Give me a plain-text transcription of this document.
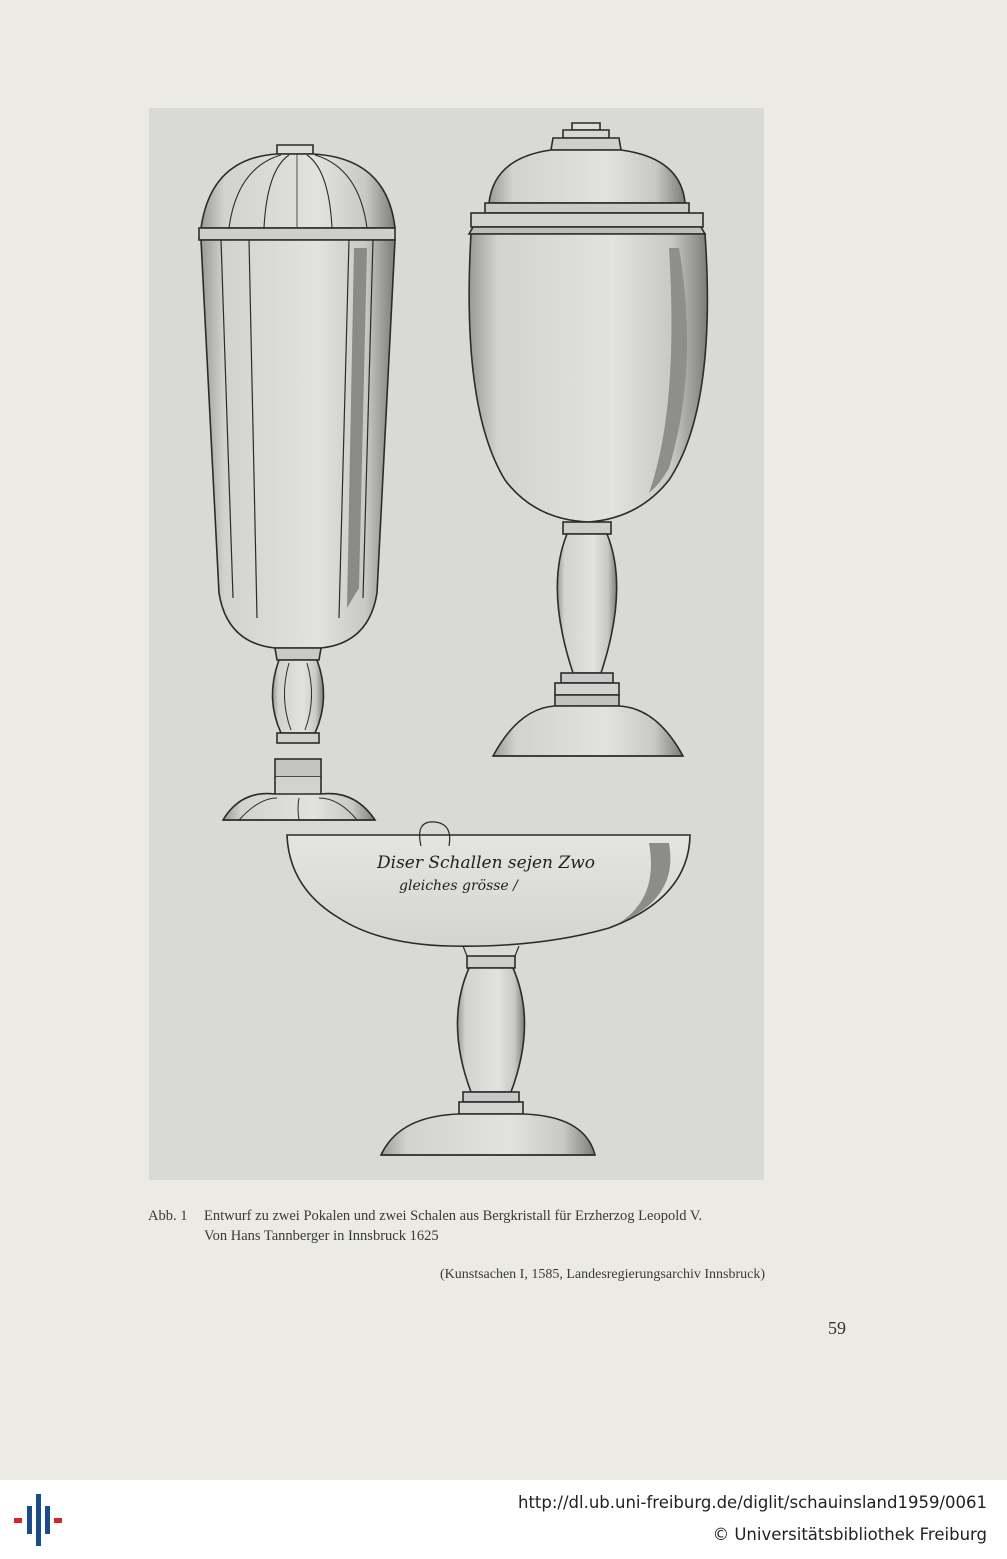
Diser Schallen sejen Zwo
gleiches grösse /
Abb. 1 Entwurf zu zwei Pokalen und zwei Schalen aus Bergkristall für Erzherzog Leopold V.
Von Hans Tannberger in Innsbruck 1625
(Kunstsachen I, 1585, Landesregierungsarchiv Innsbruck)
59
http://dl.ub.uni-freiburg.de/diglit/schauinsland1959/0061
© Universitätsbibliothek Freiburg
